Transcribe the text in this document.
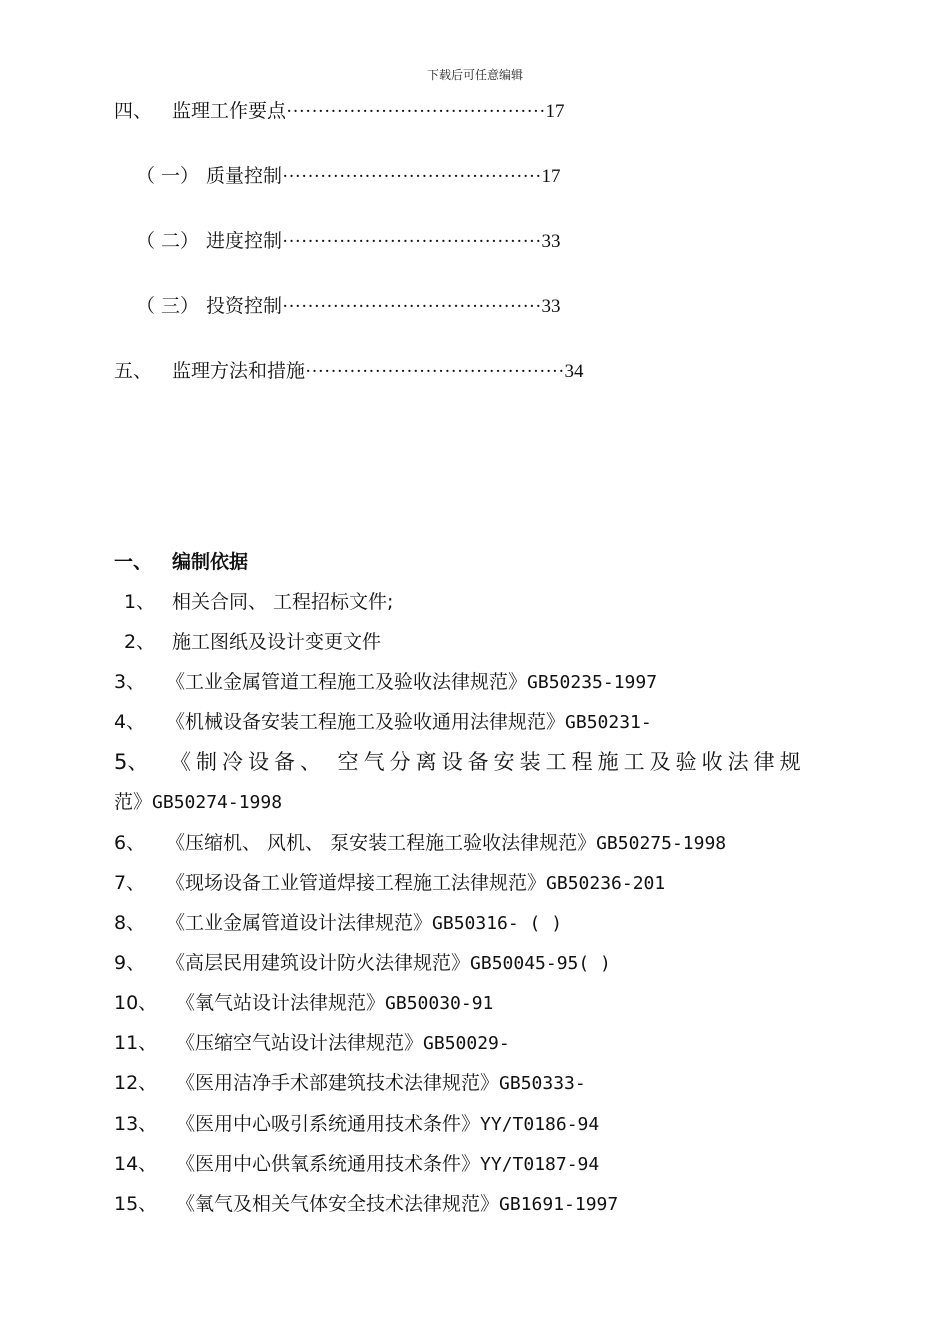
下载后可任意编辑
四、 监理工作要点·········································17
（ 一） 质量控制·········································17
（ 二） 进度控制·········································33
（ 三） 投资控制·········································33
五、 监理方法和措施·········································34
一、 编制依据
1、 相关合同、 工程招标文件;
2、 施工图纸及设计变更文件
3、 《工业金属管道工程施工及验收法律规范》GB50235-1997
4、 《机械设备安装工程施工及验收通用法律规范》GB50231-
5、 《制冷设备、 空气分离设备安装工程施工及验收法律规
范》GB50274-1998
6、 《压缩机、 风机、 泵安装工程施工验收法律规范》GB50275-1998
7、 《现场设备工业管道焊接工程施工法律规范》GB50236-201
8、 《工业金属管道设计法律规范》GB50316- ( )
9、 《高层民用建筑设计防火法律规范》GB50045-95( )
10、 《氧气站设计法律规范》GB50030-91
11、 《压缩空气站设计法律规范》GB50029-
12、 《医用洁净手术部建筑技术法律规范》GB50333-
13、 《医用中心吸引系统通用技术条件》YY/T0186-94
14、 《医用中心供氧系统通用技术条件》YY/T0187-94
15、 《氧气及相关气体安全技术法律规范》GB1691-1997
